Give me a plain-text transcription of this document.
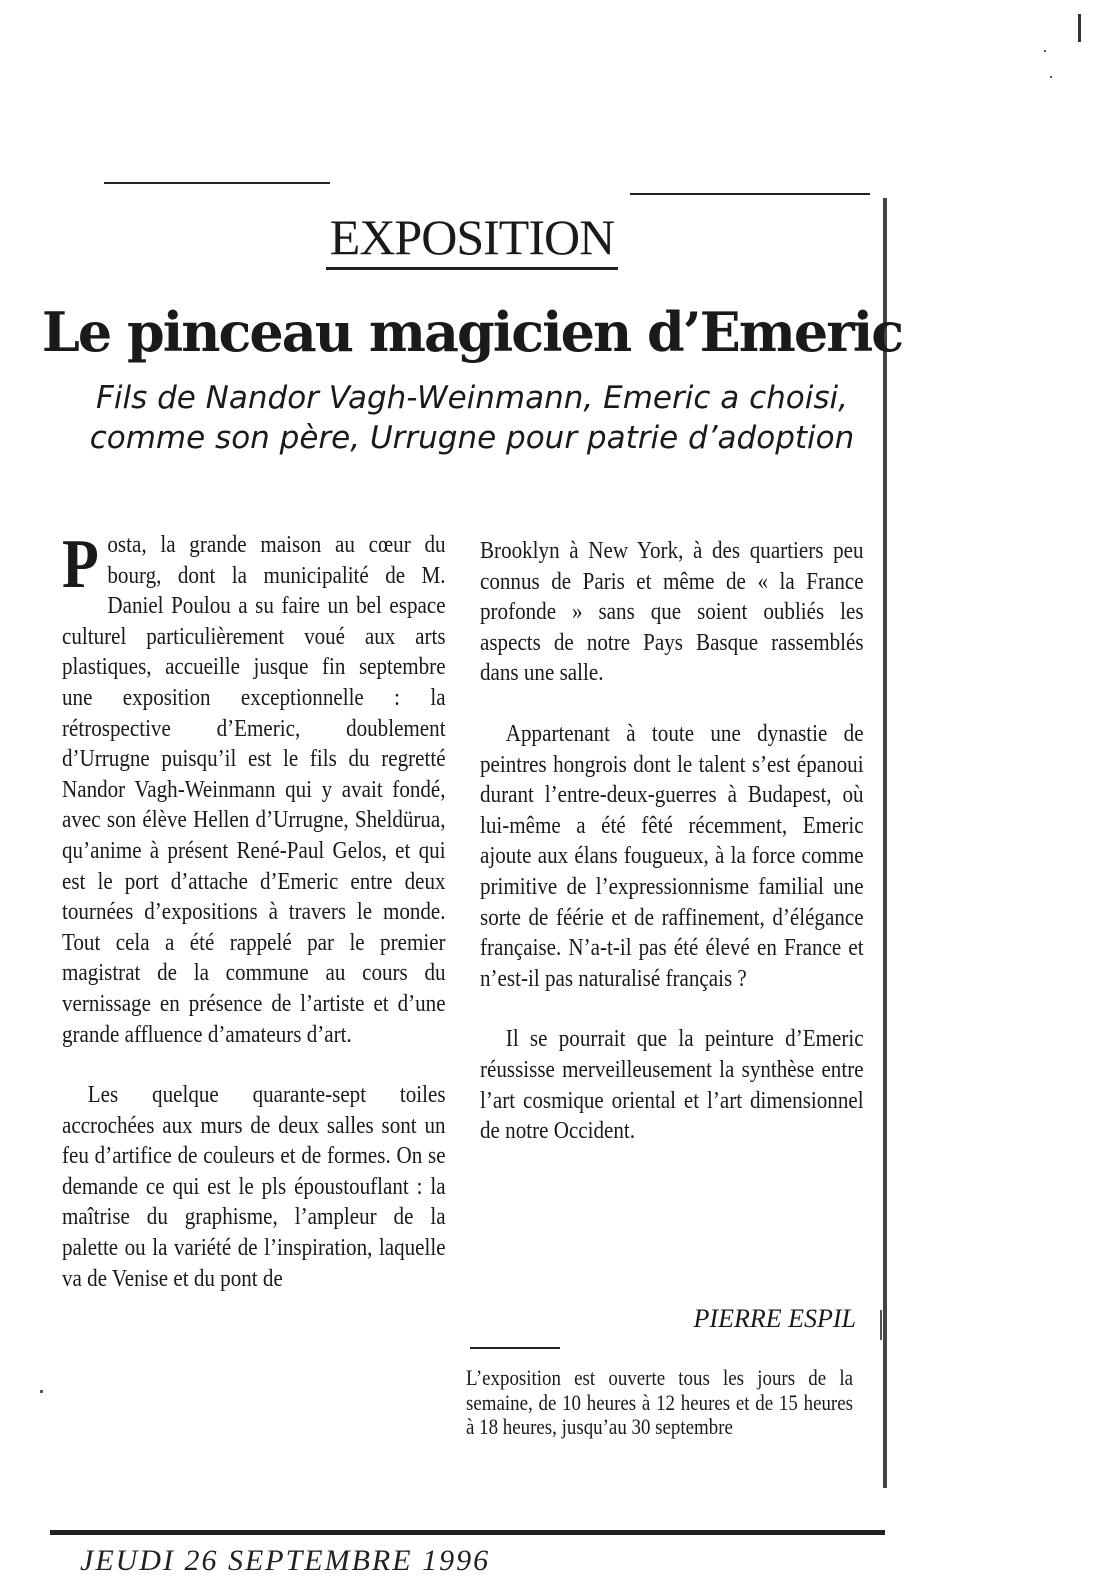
EXPOSITION
Le pinceau magicien d’Emeric
Fils de Nandor Vagh-Weinmann, Emeric a choisi, comme son père, Urrugne pour patrie d’adoption

Posta, la grande maison au cœur du bourg, dont la municipalité de M. Daniel Poulou a su faire un bel espace culturel particulièrement voué aux arts plastiques, accueille jusque fin septembre une exposition exceptionnelle : la rétrospective d’Emeric, doublement d’Urrugne puisqu’il est le fils du regretté Nandor Vagh-Weinmann qui y avait fondé, avec son élève Hellen d’Urrugne, Sheldürua, qu’anime à présent René-Paul Gelos, et qui est le port d’attache d’Emeric entre deux tournées d’expositions à travers le monde. Tout cela a été rappelé par le premier magistrat de la commune au cours du vernissage en présence de l’artiste et d’une grande affluence d’amateurs d’art.

Les quelque quarante-sept toiles accrochées aux murs de deux salles sont un feu d’artifice de couleurs et de formes. On se demande ce qui est le pls époustouflant : la maîtrise du graphisme, l’ampleur de la palette ou la variété de l’inspiration, laquelle va de Venise et du pont de

Brooklyn à New York, à des quartiers peu connus de Paris et même de « la France profonde » sans que soient oubliés les aspects de notre Pays Basque rassemblés dans une salle.

Appartenant à toute une dynastie de peintres hongrois dont le talent s’est épanoui durant l’entre-deux-guerres à Budapest, où lui-même a été fêté récemment, Emeric ajoute aux élans fougueux, à la force comme primitive de l’expressionnisme familial une sorte de féérie et de raffinement, d’élégance française. N’a-t-il pas été élevé en France et n’est-il pas naturalisé français ?

Il se pourrait que la peinture d’Emeric réussisse merveilleusement la synthèse entre l’art cosmique oriental et l’art dimensionnel de notre Occident.

PIERRE ESPIL
L’exposition est ouverte tous les jours de la semaine, de 10 heures à 12 heures et de 15 heures à 18 heures, jusqu’au 30 septembre
JEUDI 26 SEPTEMBRE 1996
